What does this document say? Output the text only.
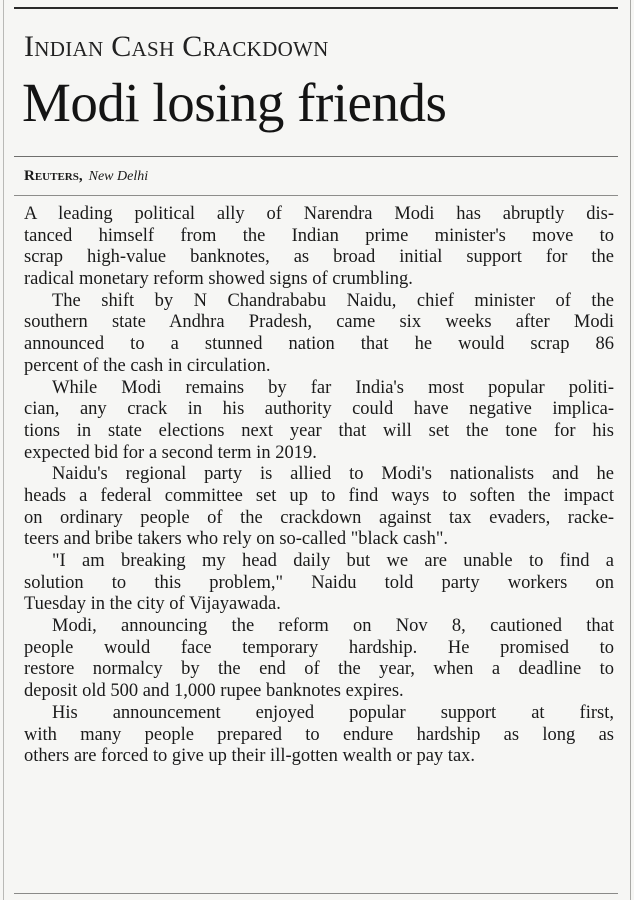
Indian Cash Crackdown
Modi losing friends
Reuters, New Delhi
A leading political ally of Narendra Modi has abruptly dis-
tanced himself from the Indian prime minister's move to
scrap high-value banknotes, as broad initial support for the
radical monetary reform showed signs of crumbling.
The shift by N Chandrababu Naidu, chief minister of the
southern state Andhra Pradesh, came six weeks after Modi
announced to a stunned nation that he would scrap 86
percent of the cash in circulation.
While Modi remains by far India's most popular politi-
cian, any crack in his authority could have negative implica-
tions in state elections next year that will set the tone for his
expected bid for a second term in 2019.
Naidu's regional party is allied to Modi's nationalists and he
heads a federal committee set up to find ways to soften the impact
on ordinary people of the crackdown against tax evaders, racke-
teers and bribe takers who rely on so-called "black cash".
"I am breaking my head daily but we are unable to find a
solution to this problem," Naidu told party workers on
Tuesday in the city of Vijayawada.
Modi, announcing the reform on Nov 8, cautioned that
people would face temporary hardship. He promised to
restore normalcy by the end of the year, when a deadline to
deposit old 500 and 1,000 rupee banknotes expires.
His announcement enjoyed popular support at first,
with many people prepared to endure hardship as long as
others are forced to give up their ill-gotten wealth or pay tax.
